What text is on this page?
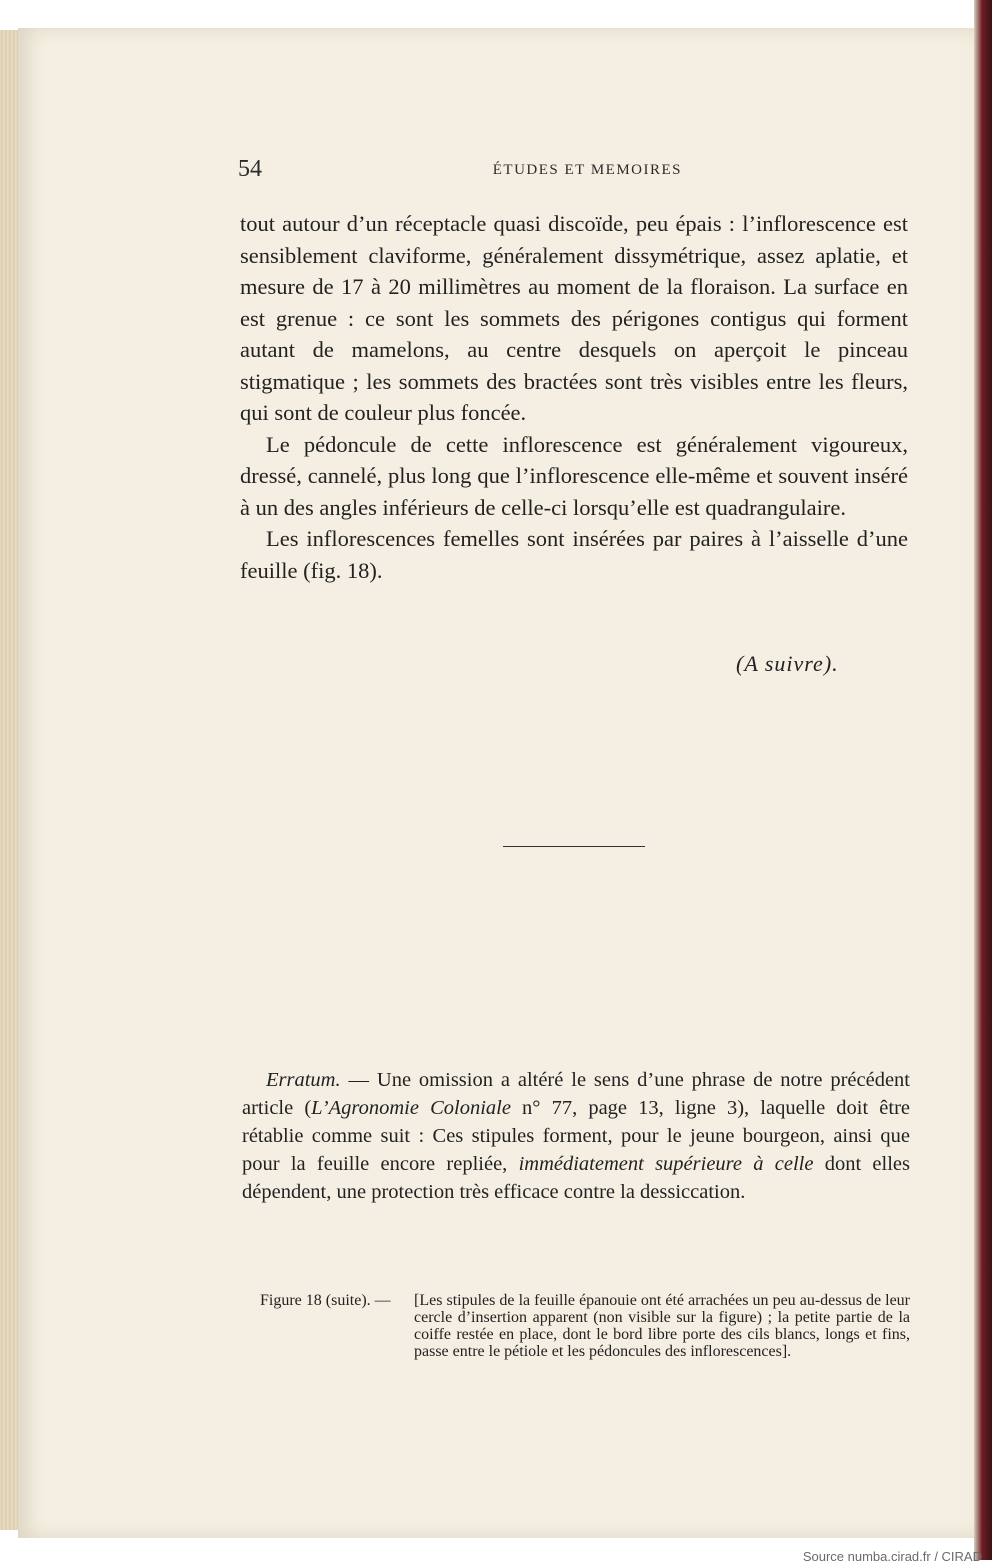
54	ÉTUDES ET MEMOIRES

tout autour d’un réceptacle quasi discoïde, peu épais : l’inflorescence est sensiblement claviforme, généralement dissymétrique, assez aplatie, et mesure de 17 à 20 millimètres au moment de la floraison. La surface en est grenue : ce sont les sommets des périgones contigus qui forment autant de mamelons, au centre desquels on aperçoit le pinceau stigmatique ; les sommets des bractées sont très visibles entre les fleurs, qui sont de couleur plus foncée.

Le pédoncule de cette inflorescence est généralement vigoureux, dressé, cannelé, plus long que l’inflorescence elle-même et souvent inséré à un des angles inférieurs de celle-ci lorsqu’elle est quadrangulaire.

Les inflorescences femelles sont insérées par paires à l’aisselle d’une feuille (fig. 18).

(A suivre).
Erratum. — Une omission a altéré le sens d’une phrase de notre précédent article (L’Agronomie Coloniale n° 77, page 13, ligne 3), laquelle doit être rétablie comme suit : Ces stipules forment, pour le jeune bourgeon, ainsi que pour la feuille encore repliée, immédiatement supérieure à celle dont elles dépendent, une protection très efficace contre la dessiccation.
Figure 18 (suite). —	[Les stipules de la feuille épanouie ont été arrachées un peu au-dessus de leur cercle d’insertion apparent (non visible sur la figure) ; la petite partie de la coiffe restée en place, dont le bord libre porte des cils blancs, longs et fins, passe entre le pétiole et les pédoncules des inflorescences].
Source numba.cirad.fr / CIRAD
